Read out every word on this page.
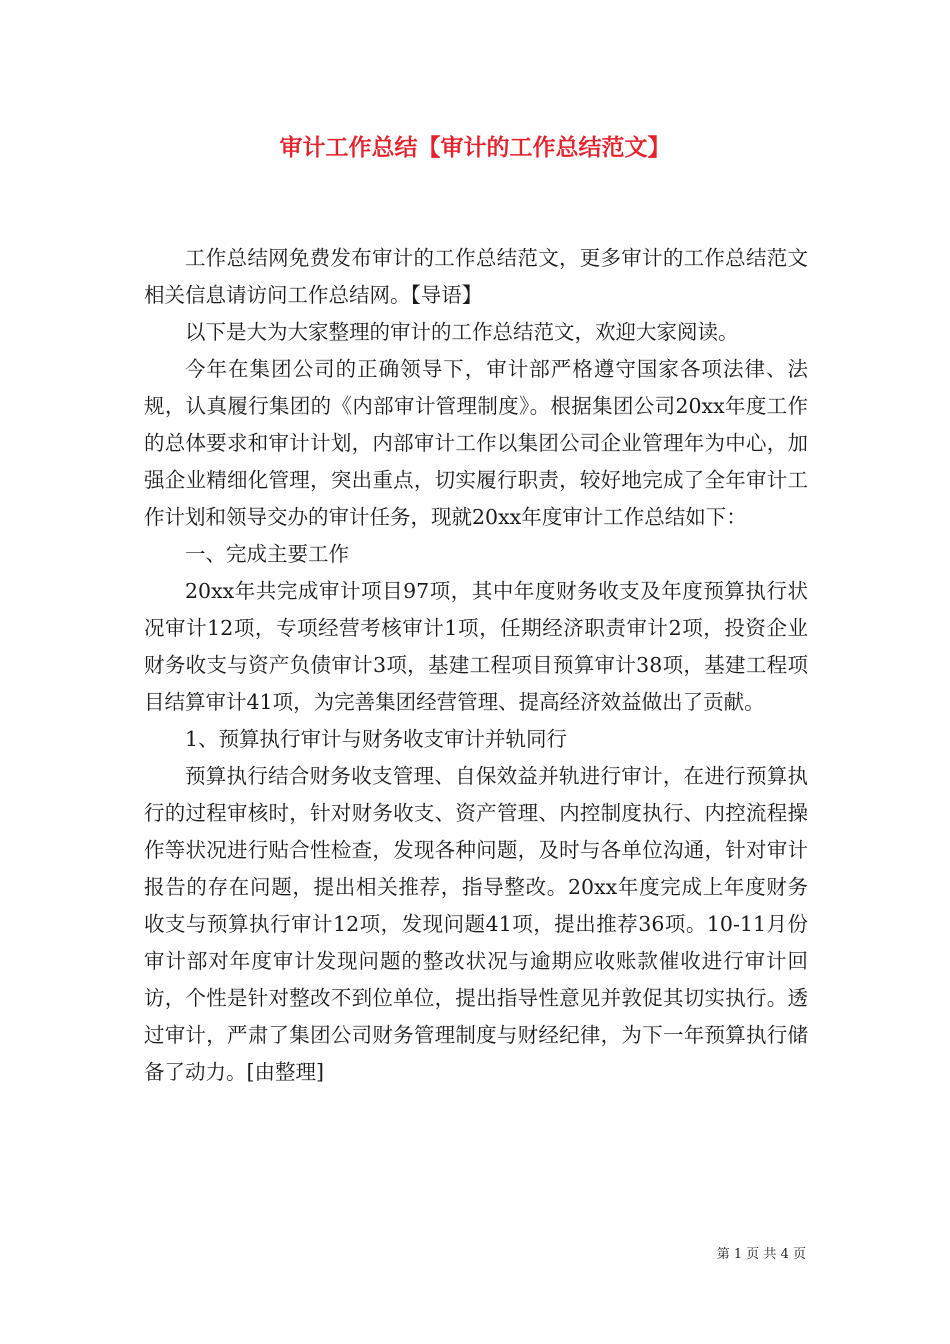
审计工作总结【审计的工作总结范文】

工作总结网免费发布审计的工作总结范文，更多审计的工作总结范文相关信息请访问工作总结网。【导语】

以下是大为大家整理的审计的工作总结范文，欢迎大家阅读。

今年在集团公司的正确领导下，审计部严格遵守国家各项法律、法规，认真履行集团的《内部审计管理制度》。根据集团公司20xx年度工作的总体要求和审计计划，内部审计工作以集团公司企业管理年为中心，加强企业精细化管理，突出重点，切实履行职责，较好地完成了全年审计工作计划和领导交办的审计任务，现就20xx年度审计工作总结如下：

一、完成主要工作

20xx年共完成审计项目97项，其中年度财务收支及年度预算执行状况审计12项，专项经营考核审计1项，任期经济职责审计2项，投资企业财务收支与资产负债审计3项，基建工程项目预算审计38项，基建工程项目结算审计41项，为完善集团经营管理、提高经济效益做出了贡献。

1、预算执行审计与财务收支审计并轨同行

预算执行结合财务收支管理、自保效益并轨进行审计，在进行预算执行的过程审核时，针对财务收支、资产管理、内控制度执行、内控流程操作等状况进行贴合性检查，发现各种问题，及时与各单位沟通，针对审计报告的存在问题，提出相关推荐，指导整改。20xx年度完成上年度财务收支与预算执行审计12项，发现问题41项，提出推荐36项。10-11月份审计部对年度审计发现问题的整改状况与逾期应收账款催收进行审计回访，个性是针对整改不到位单位，提出指导性意见并敦促其切实执行。透过审计，严肃了集团公司财务管理制度与财经纪律，为下一年预算执行储备了动力。[由整理]

第 1 页 共 4 页
